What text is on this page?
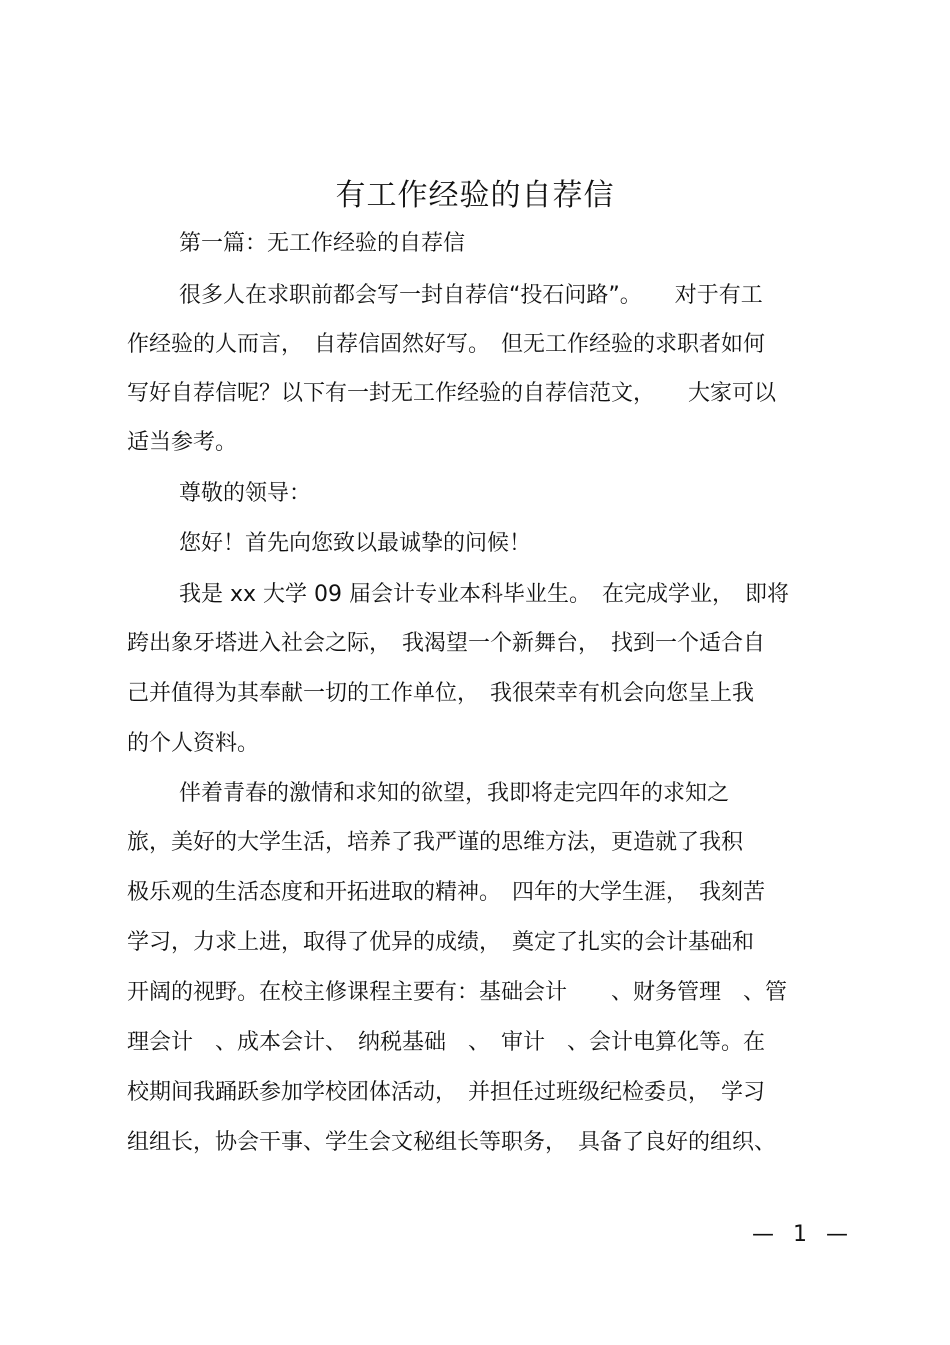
有工作经验的自荐信
第一篇：无工作经验的自荐信
很多人在求职前都会写一封自荐信“投石问路”。　　对于有工
作经验的人而言，　自荐信固然好写。　但无工作经验的求职者如何
写好自荐信呢？以下有一封无工作经验的自荐信范文，　　大家可以
适当参考。
尊敬的领导：
您好！首先向您致以最诚挚的问候！
我是 xx 大学 09 届会计专业本科毕业生。　在完成学业，　即将
跨出象牙塔进入社会之际，　我渴望一个新舞台，　找到一个适合自
己并值得为其奉献一切的工作单位，　我很荣幸有机会向您呈上我
的个人资料。
伴着青春的激情和求知的欲望，我即将走完四年的求知之
旅，美好的大学生活，培养了我严谨的思维方法，更造就了我积
极乐观的生活态度和开拓进取的精神。　四年的大学生涯，　我刻苦
学习，力求上进，取得了优异的成绩，　奠定了扎实的会计基础和
开阔的视野。在校主修课程主要有：基础会计　　、财务管理　、管
理会计　、成本会计、　纳税基础　、　审计　、会计电算化等。在
校期间我踊跃参加学校团体活动，　并担任过班级纪检委员，　学习
组组长，协会干事、学生会文秘组长等职务，　具备了良好的组织、
— 1 —
